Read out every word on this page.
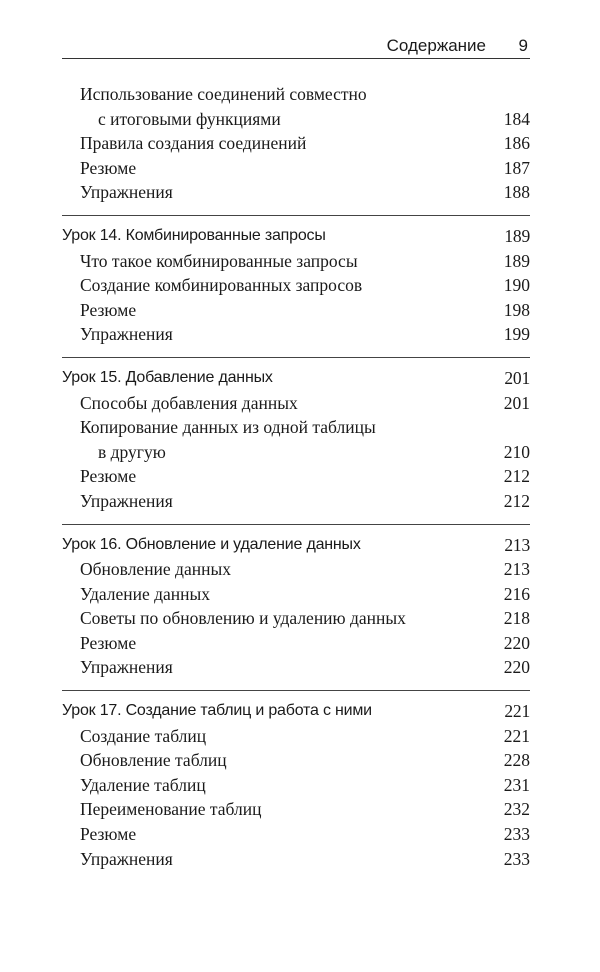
Содержание 9
Использование соединений совместно
с итоговыми функциями	184
Правила создания соединений	186
Резюме	187
Упражнения	188
Урок 14. Комбинированные запросы	189
Что такое комбинированные запросы	189
Создание комбинированных запросов	190
Резюме	198
Упражнения	199
Урок 15. Добавление данных	201
Способы добавления данных	201
Копирование данных из одной таблицы
в другую	210
Резюме	212
Упражнения	212
Урок 16. Обновление и удаление данных	213
Обновление данных	213
Удаление данных	216
Советы по обновлению и удалению данных	218
Резюме	220
Упражнения	220
Урок 17. Создание таблиц и работа с ними	221
Создание таблиц	221
Обновление таблиц	228
Удаление таблиц	231
Переименование таблиц	232
Резюме	233
Упражнения	233
